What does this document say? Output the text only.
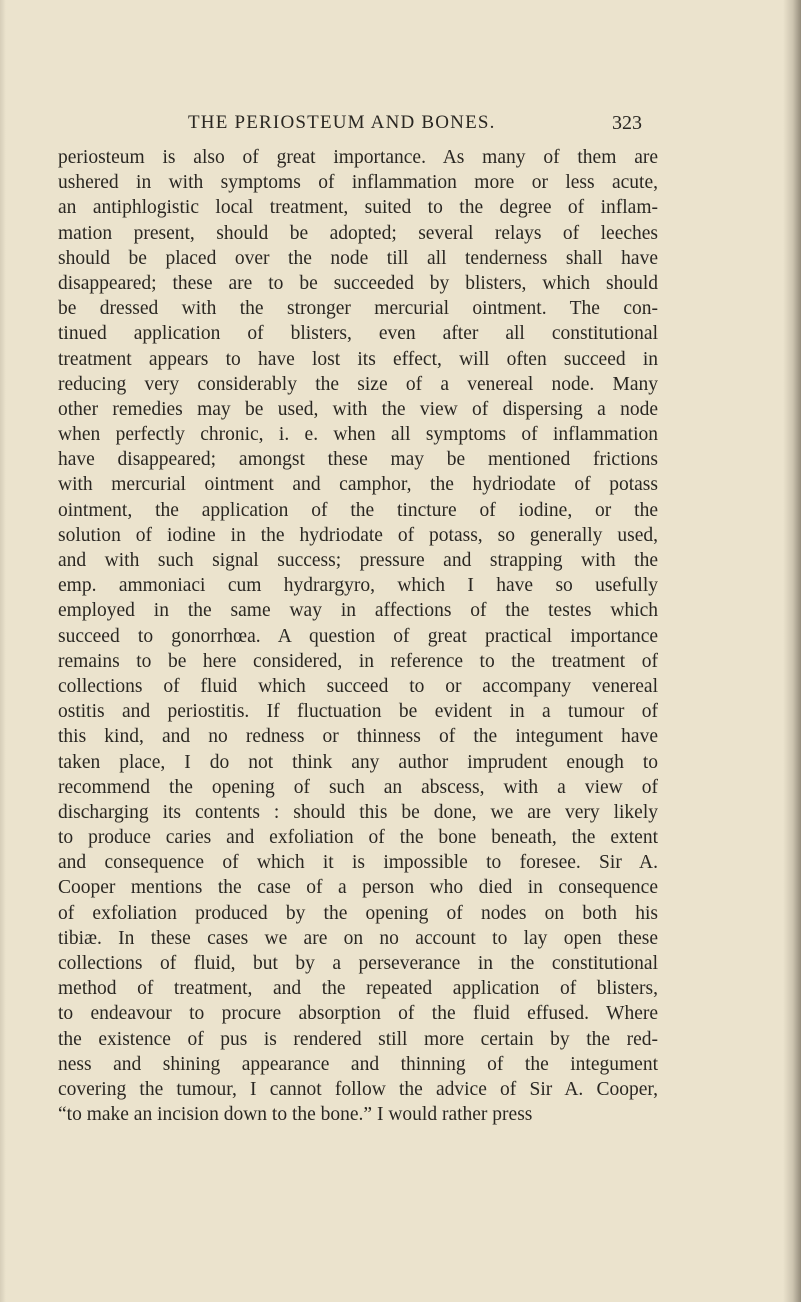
THE PERIOSTEUM AND BONES.	323
periosteum is also of great importance. As many of them are
ushered in with symptoms of inflammation more or less acute,
an antiphlogistic local treatment, suited to the degree of inflam-
mation present, should be adopted; several relays of leeches
should be placed over the node till all tenderness shall have
disappeared; these are to be succeeded by blisters, which should
be dressed with the stronger mercurial ointment. The con-
tinued application of blisters, even after all constitutional
treatment appears to have lost its effect, will often succeed in
reducing very considerably the size of a venereal node. Many
other remedies may be used, with the view of dispersing a node
when perfectly chronic, i. e. when all symptoms of inflammation
have disappeared; amongst these may be mentioned frictions
with mercurial ointment and camphor, the hydriodate of potass
ointment, the application of the tincture of iodine, or the
solution of iodine in the hydriodate of potass, so generally used,
and with such signal success; pressure and strapping with the
emp. ammoniaci cum hydrargyro, which I have so usefully
employed in the same way in affections of the testes which
succeed to gonorrhœa. A question of great practical importance
remains to be here considered, in reference to the treatment of
collections of fluid which succeed to or accompany venereal
ostitis and periostitis. If fluctuation be evident in a tumour of
this kind, and no redness or thinness of the integument have
taken place, I do not think any author imprudent enough to
recommend the opening of such an abscess, with a view of
discharging its contents : should this be done, we are very likely
to produce caries and exfoliation of the bone beneath, the extent
and consequence of which it is impossible to foresee. Sir A.
Cooper mentions the case of a person who died in consequence
of exfoliation produced by the opening of nodes on both his
tibiæ. In these cases we are on no account to lay open these
collections of fluid, but by a perseverance in the constitutional
method of treatment, and the repeated application of blisters,
to endeavour to procure absorption of the fluid effused. Where
the existence of pus is rendered still more certain by the red-
ness and shining appearance and thinning of the integument
covering the tumour, I cannot follow the advice of Sir A. Cooper,
“to make an incision down to the bone.” I would rather press
